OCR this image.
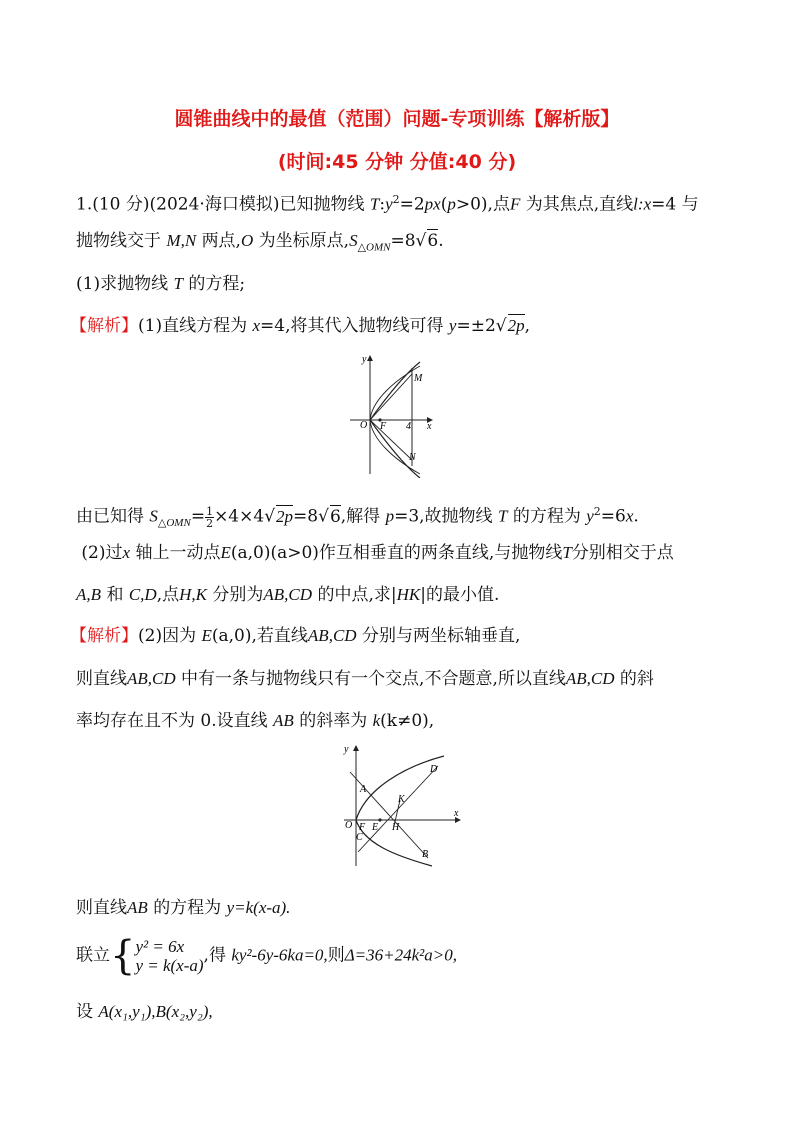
圆锥曲线中的最值（范围）问题-专项训练【解析版】
(时间:45 分钟 分值:40 分)
1.(10 分)(2024·海口模拟)已知抛物线 $T:y^2=2px(p>0)$,点F 为其焦点,直线l:x=4 与
抛物线交于 M,N 两点,O 为坐标原点$,S_{\triangle OMN}=8√6$.
(1)求抛物线 T 的方程;
【解析】(1)直线方程为 x=4,将其代入抛物线可得 y=±2√2p,
y
x
M
N
O F 4
由已知得 $S_{\triangle OMN}= \frac{1}{2} \times 4\times 4√2p=8√6$,解得 p=3,故抛物线 T 的方程为 $y^2=6x$.
(2)过x 轴上一动点E(a,0)(a>0)作互相垂直的两条直线,与抛物线T分别相交于点
A,B 和 C,D,点H,K 分别为AB,CD 的中点,求|HK|的最小值.
【解析】(2)因为 E(a,0),若直线AB,CD 分别与两坐标轴垂直,
则直线AB,CD 中有一条与抛物线只有一个交点,不合题意,所以直线AB,CD 的斜
率均存在且不为 0.设直线 AB 的斜率为 k(k≠0),
y
x
A
B
C
D
E
F	H
K
O
则直线AB 的方程为 y=k(x-a).
联立{ y² = 6x
y = k(x-a) ,得 ky²-6y-6ka=0,则Δ=36+24k²a>0,
设 A(x₁,y₁),B(x₂,y₂),
